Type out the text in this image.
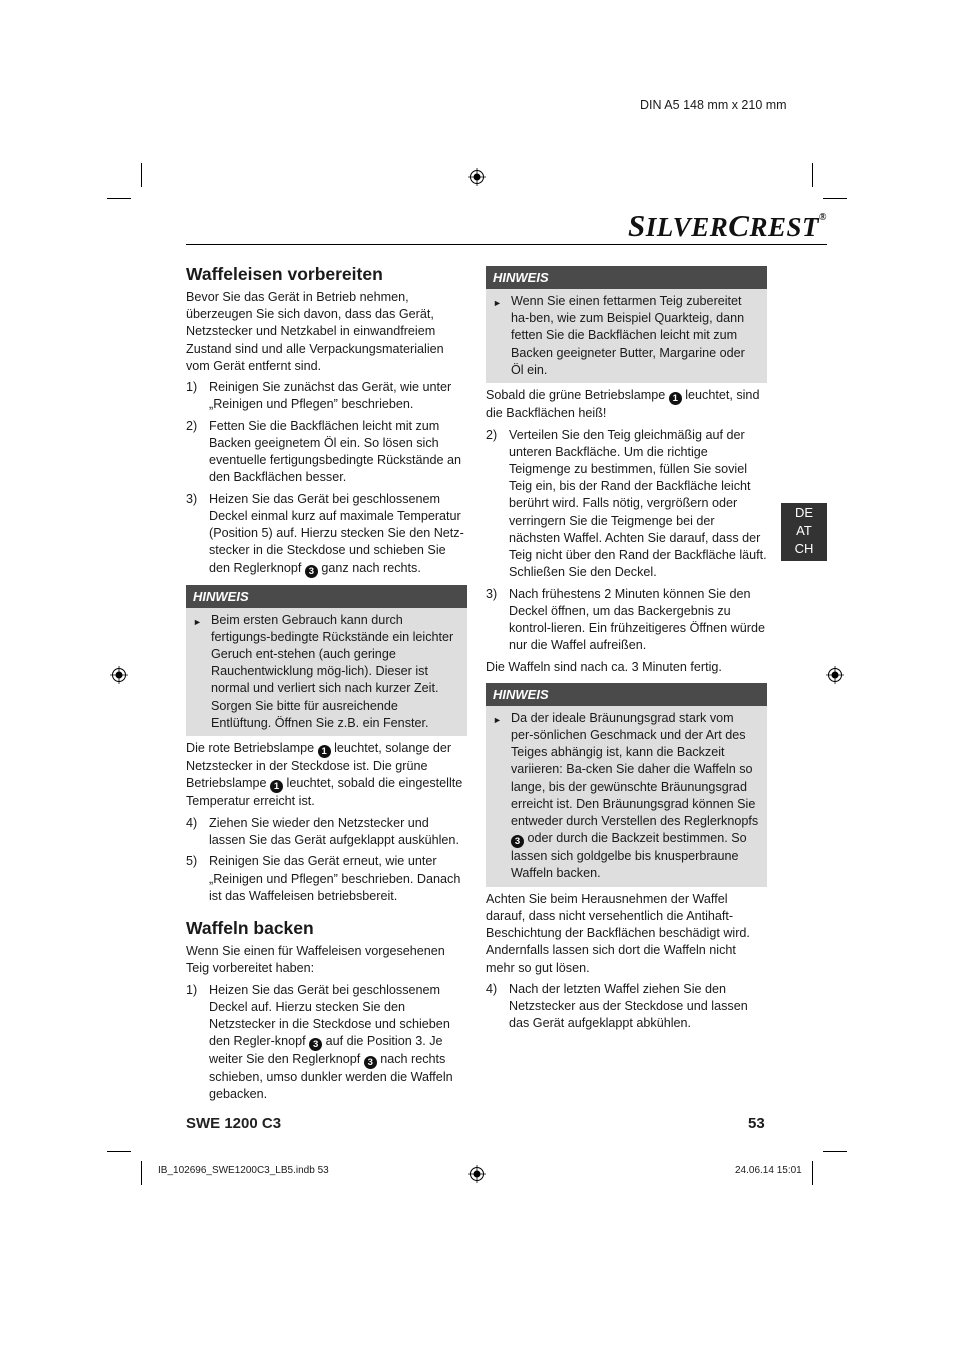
DIN A5 148 mm x 210 mm
SILVERCREST®
Waffeleisen vorbereiten

Bevor Sie das Gerät in Betrieb nehmen, überzeugen Sie sich davon, dass das Gerät, Netzstecker und Netzkabel in einwandfreiem Zustand sind und alle Verpackungsmaterialien vom Gerät entfernt sind.

1) Reinigen Sie zunächst das Gerät, wie unter „Reinigen und Pflegen” beschrieben.
2) Fetten Sie die Backflächen leicht mit zum Backen geeignetem Öl ein. So lösen sich eventuelle fertigungsbedingte Rückstände an den Backflächen besser.
3) Heizen Sie das Gerät bei geschlossenem Deckel einmal kurz auf maximale Temperatur (Position 5) auf. Hierzu stecken Sie den Netz-stecker in die Steckdose und schieben Sie den Reglerknopf 3 ganz nach rechts.
HINWEIS
► Beim ersten Gebrauch kann durch fertigungs-bedingte Rückstände ein leichter Geruch ent-stehen (auch geringe Rauchentwicklung mög-lich). Dieser ist normal und verliert sich nach kurzer Zeit. Sorgen Sie bitte für ausreichende Entlüftung. Öffnen Sie z.B. ein Fenster.

Die rote Betriebslampe 1 leuchtet, solange der Netzstecker in der Steckdose ist. Die grüne Betriebslampe 1 leuchtet, sobald die eingestellte Temperatur erreicht ist.

4) Ziehen Sie wieder den Netzstecker und lassen Sie das Gerät aufgeklappt auskühlen.
5) Reinigen Sie das Gerät erneut, wie unter „Reinigen und Pflegen” beschrieben. Danach ist das Waffeleisen betriebsbereit.
Waffeln backen

Wenn Sie einen für Waffeleisen vorgesehenen Teig vorbereitet haben:

1) Heizen Sie das Gerät bei geschlossenem Deckel auf. Hierzu stecken Sie den Netzstecker in die Steckdose und schieben den Regler-knopf 3 auf die Position 3. Je weiter Sie den Reglerknopf 3 nach rechts schieben, umso dunkler werden die Waffeln gebacken.
HINWEIS
► Wenn Sie einen fettarmen Teig zubereitet ha-ben, wie zum Beispiel Quarkteig, dann fetten Sie die Backflächen leicht mit zum Backen geeigneter Butter, Margarine oder Öl ein.

Sobald die grüne Betriebslampe 1 leuchtet, sind die Backflächen heiß!

2) Verteilen Sie den Teig gleichmäßig auf der unteren Backfläche. Um die richtige Teigmenge zu bestimmen, füllen Sie soviel Teig ein, bis der Rand der Backfläche leicht berührt wird. Falls nötig, vergrößern oder verringern Sie die Teigmenge bei der nächsten Waffel. Achten Sie darauf, dass der Teig nicht über den Rand der Backfläche läuft. Schließen Sie den Deckel.
3) Nach frühestens 2 Minuten können Sie den Deckel öffnen, um das Backergebnis zu kontrol-lieren. Ein frühzeitigeres Öffnen würde nur die Waffel aufreißen.

Die Waffeln sind nach ca. 3 Minuten fertig.

HINWEIS
► Da der ideale Bräunungsgrad stark vom per-sönlichen Geschmack und der Art des Teiges abhängig ist, kann die Backzeit variieren: Ba-cken Sie daher die Waffeln so lange, bis der gewünschte Bräunungsgrad erreicht ist. Den Bräunungsgrad können Sie entweder durch Verstellen des Reglerknopfs 3 oder durch die Backzeit bestimmen. So lassen sich goldgelbe bis knusperbraune Waffeln backen.

Achten Sie beim Herausnehmen der Waffel darauf, dass nicht versehentlich die Antihaft-Beschichtung der Backflächen beschädigt wird. Andernfalls lassen sich dort die Waffeln nicht mehr so gut lösen.

4) Nach der letzten Waffel ziehen Sie den Netzstecker aus der Steckdose und lassen das Gerät aufgeklappt abkühlen.
DE
AT
CH
SWE 1200 C3	53
IB_102696_SWE1200C3_LB5.indb 53	24.06.14 15:01
